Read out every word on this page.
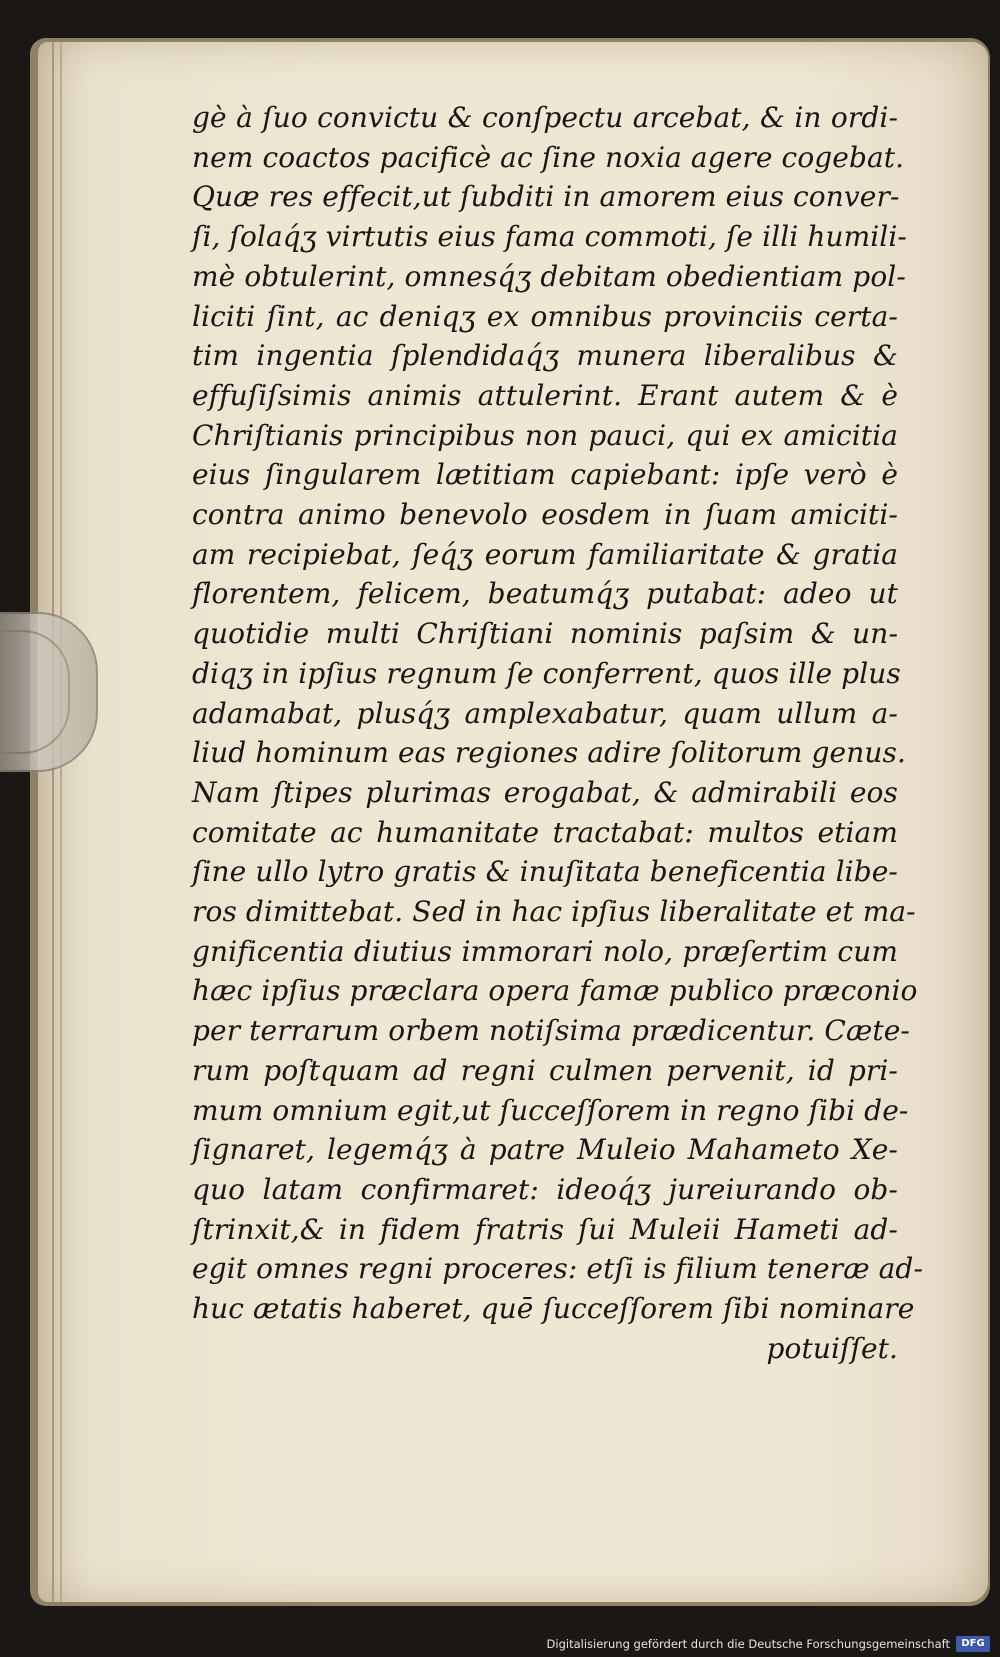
gè à ſuo convictu & conſpectu arcebat, & in ordi-
nem coactos pacificè ac ſine noxia agere cogebat.
Quæ res effecit,ut ſubditi in amorem eius conver-
ſi, ſolaq́ʒ virtutis eius fama commoti, ſe illi humili-
mè obtulerint, omnesq́ʒ debitam obedientiam pol-
liciti ſint, ac deniqʒ ex omnibus provinciis certa-
tim ingentia ſplendidaq́ʒ munera liberalibus &
effuſiſsimis animis attulerint. Erant autem & è
Chriſtianis principibus non pauci, qui ex amicitia
eius ſingularem lætitiam capiebant: ipſe verò è
contra animo benevolo eosdem in ſuam amiciti-
am recipiebat, ſeq́ʒ eorum familiaritate & gratia
florentem, felicem, beatumq́ʒ putabat: adeo ut
quotidie multi Chriſtiani nominis paſsim & un-
diqʒ in ipſius regnum ſe conferrent, quos ille plus
adamabat, plusq́ʒ amplexabatur, quam ullum a-
liud hominum eas regiones adire ſolitorum genus.
Nam ſtipes plurimas erogabat, & admirabili eos
comitate ac humanitate tractabat: multos etiam
ſine ullo lytro gratis & inuſitata beneficentia libe-
ros dimittebat. Sed in hac ipſius liberalitate et ma-
gnificentia diutius immorari nolo, præſertim cum
hæc ipſius præclara opera famæ publico præconio
per terrarum orbem notiſsima prædicentur. Cæte-
rum poſtquam ad regni culmen pervenit, id pri-
mum omnium egit,ut ſucceſſorem in regno ſibi de-
ſignaret, legemq́ʒ à patre Muleio Mahameto Xe-
quo latam confirmaret: ideoq́ʒ jureiurando ob-
ſtrinxit,& in fidem fratris ſui Muleii Hameti ad-
egit omnes regni proceres: etſi is filium teneræ ad-
huc ætatis haberet, quē ſucceſſorem ſibi nominare
potuiſſet.
Digitalisierung gefördert durch die Deutsche Forschungsgemeinschaft	DFG
